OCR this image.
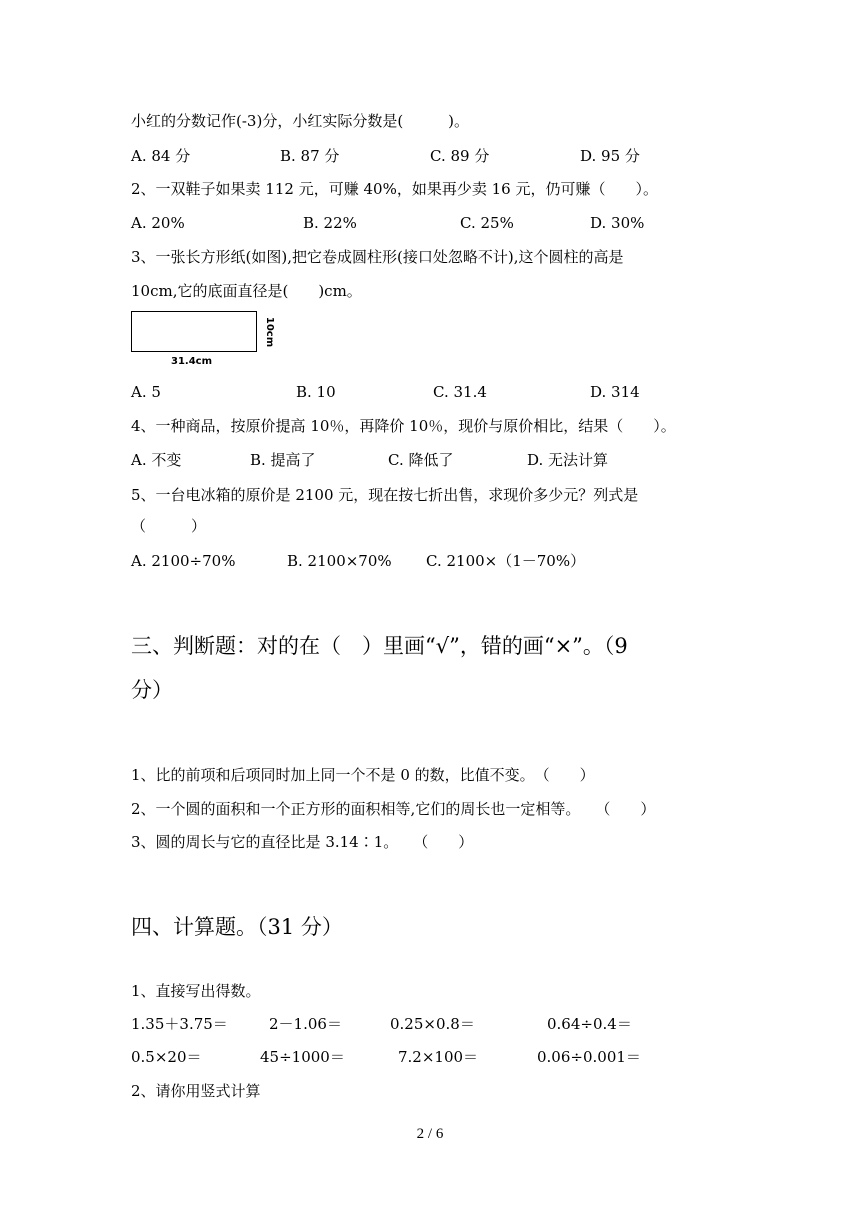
小红的分数记作(-3)分，小红实际分数是(　　　)。
A. 84 分	B. 87 分	C. 89 分	D. 95 分
2、一双鞋子如果卖 112 元，可赚 40%，如果再少卖 16 元，仍可赚（　　）。
A. 20%	B. 22%	C. 25%	D. 30%
3、一张长方形纸(如图),把它卷成圆柱形(接口处忽略不计),这个圆柱的高是
10cm,它的底面直径是(　　)cm。
10cm
31.4cm
A. 5	B. 10	C. 31.4	D. 314
4、一种商品，按原价提高 10％，再降价 10％，现价与原价相比，结果（　　）。
A. 不变	B. 提高了	C. 降低了	D. 无法计算
5、一台电冰箱的原价是 2100 元，现在按七折出售，求现价多少元？列式是
（　　　）
A. 2100÷70%	B. 2100×70% C. 2100×（1－70%）
三、判断题：对的在（　）里画“√”，错的画“×”。（9
分）
1、比的前项和后项同时加上同一个不是 0 的数，比值不变。　（　　）
2、一个圆的面积和一个正方形的面积相等,它们的周长也一定相等。　　（　　）
3、圆的周长与它的直径比是 3.14∶1。　　（　　）
四、计算题。（31 分）
1、直接写出得数。
1.35＋3.75＝	2－1.06＝	0.25×0.8＝	0.64÷0.4＝
0.5×20＝	45÷1000＝	7.2×100＝	0.06÷0.001＝
2、请你用竖式计算
2 / 6
